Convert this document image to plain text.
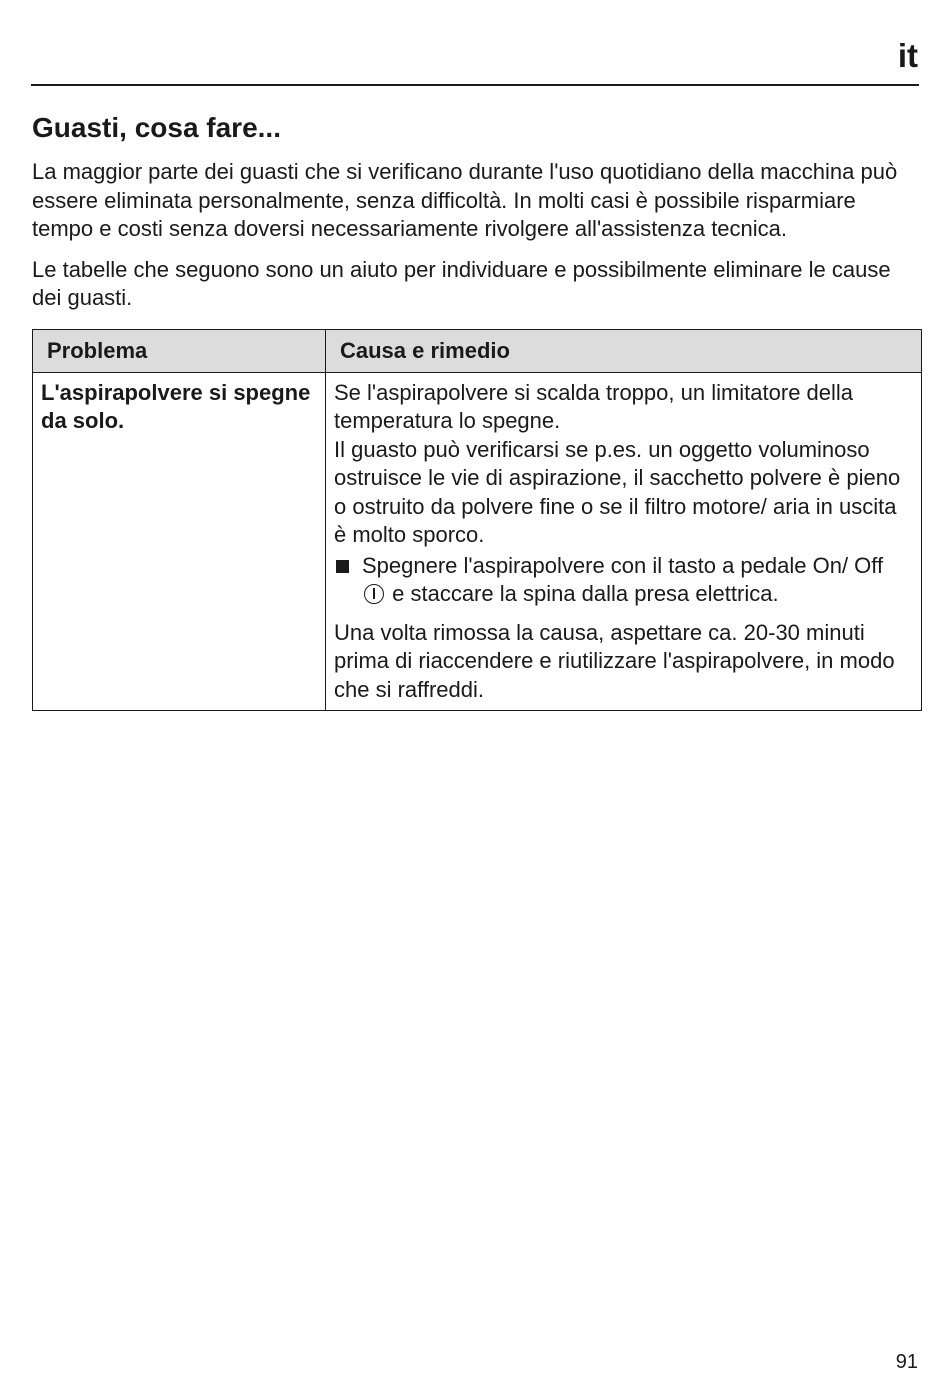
it
Guasti, cosa fare...

La maggior parte dei guasti che si verificano durante l'uso quotidiano della macchina può essere eliminata personalmente, senza difficoltà. In molti casi è possibile risparmiare tempo e costi senza doversi necessariamente rivolgere all'assistenza tecnica.

Le tabelle che seguono sono un aiuto per individuare e possibilmente eliminare le cause dei guasti.

Problema	Causa e rimedio
L'aspirapolvere si spegne da solo.	Se l'aspirapolvere si scalda troppo, un limitatore della temperatura lo spegne.
Il guasto può verificarsi se p.es. un oggetto voluminoso ostruisce le vie di aspirazione, il sacchetto polvere è pieno o ostruito da polvere fine o se il filtro motore/ aria in uscita è molto sporco.
Spegnere l'aspirapolvere con il tasto a pedale On/ Off  e staccare la spina dalla presa elettrica.
Una volta rimossa la causa, aspettare ca. 20-30 minuti prima di riaccendere e riutilizzare l'aspirapolvere, in modo che si raffreddi.
91
